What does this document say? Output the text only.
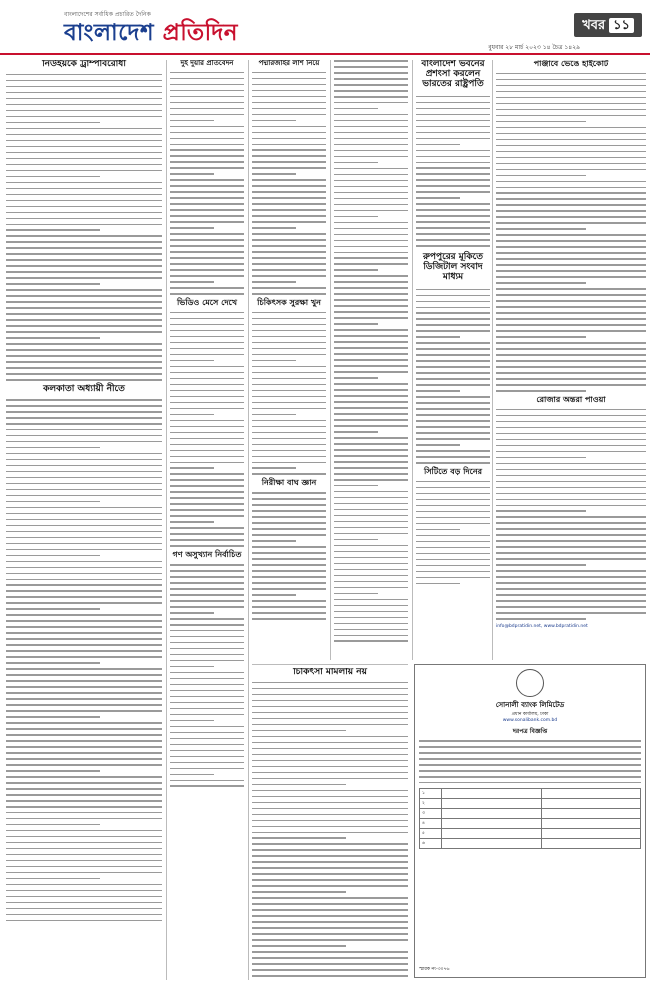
বাংলাদেশের সর্বাধিক প্রচারিত দৈনিক
বাংলাদেশ প্রতিদিন
বুধবার ২৮ মার্চ ২০২৩ ১৪ চৈত্র ১৪২৯
খবর ১১
নিউইয়র্কে ট্রাম্পবিরোধী
কলকাতা অধ্যায়ী নীতে
দুই দুয়ার প্রতিবেদন
ভিডিও মেসে দেখে
গণ অসুখ্যান নির্বাচিত
পদ্মারজাইর লাশ নিয়ে
চিকিৎসক সুরক্ষা খুন
নিরীক্ষা বাঘ জ্ঞান
বাংলাদেশ ভবনের প্রশংসা করলেন ভারতের রাষ্ট্রপতি
রুপপুরের মূকিতে ডিজিটাল সংবাদ মাধ্যম
সিটিতে বড় দিনের
পাঞ্জাবে ভেঙে হাইকোর্ট
রোজার অন্তরা পাওয়া
info@bdpratidin.net, www.bdpratidin.net
চিকিৎসা মামলায় নয়
সোনালী ব্যাংক লিমিটেড
প্রধান কার্যালয়, ঢাকা
www.sonalibank.com.bd
দরপত্র বিজ্ঞপ্তি
১		
২		
৩		
৪		
৫		
৬		
স্মারক নং-৩০৭৬
